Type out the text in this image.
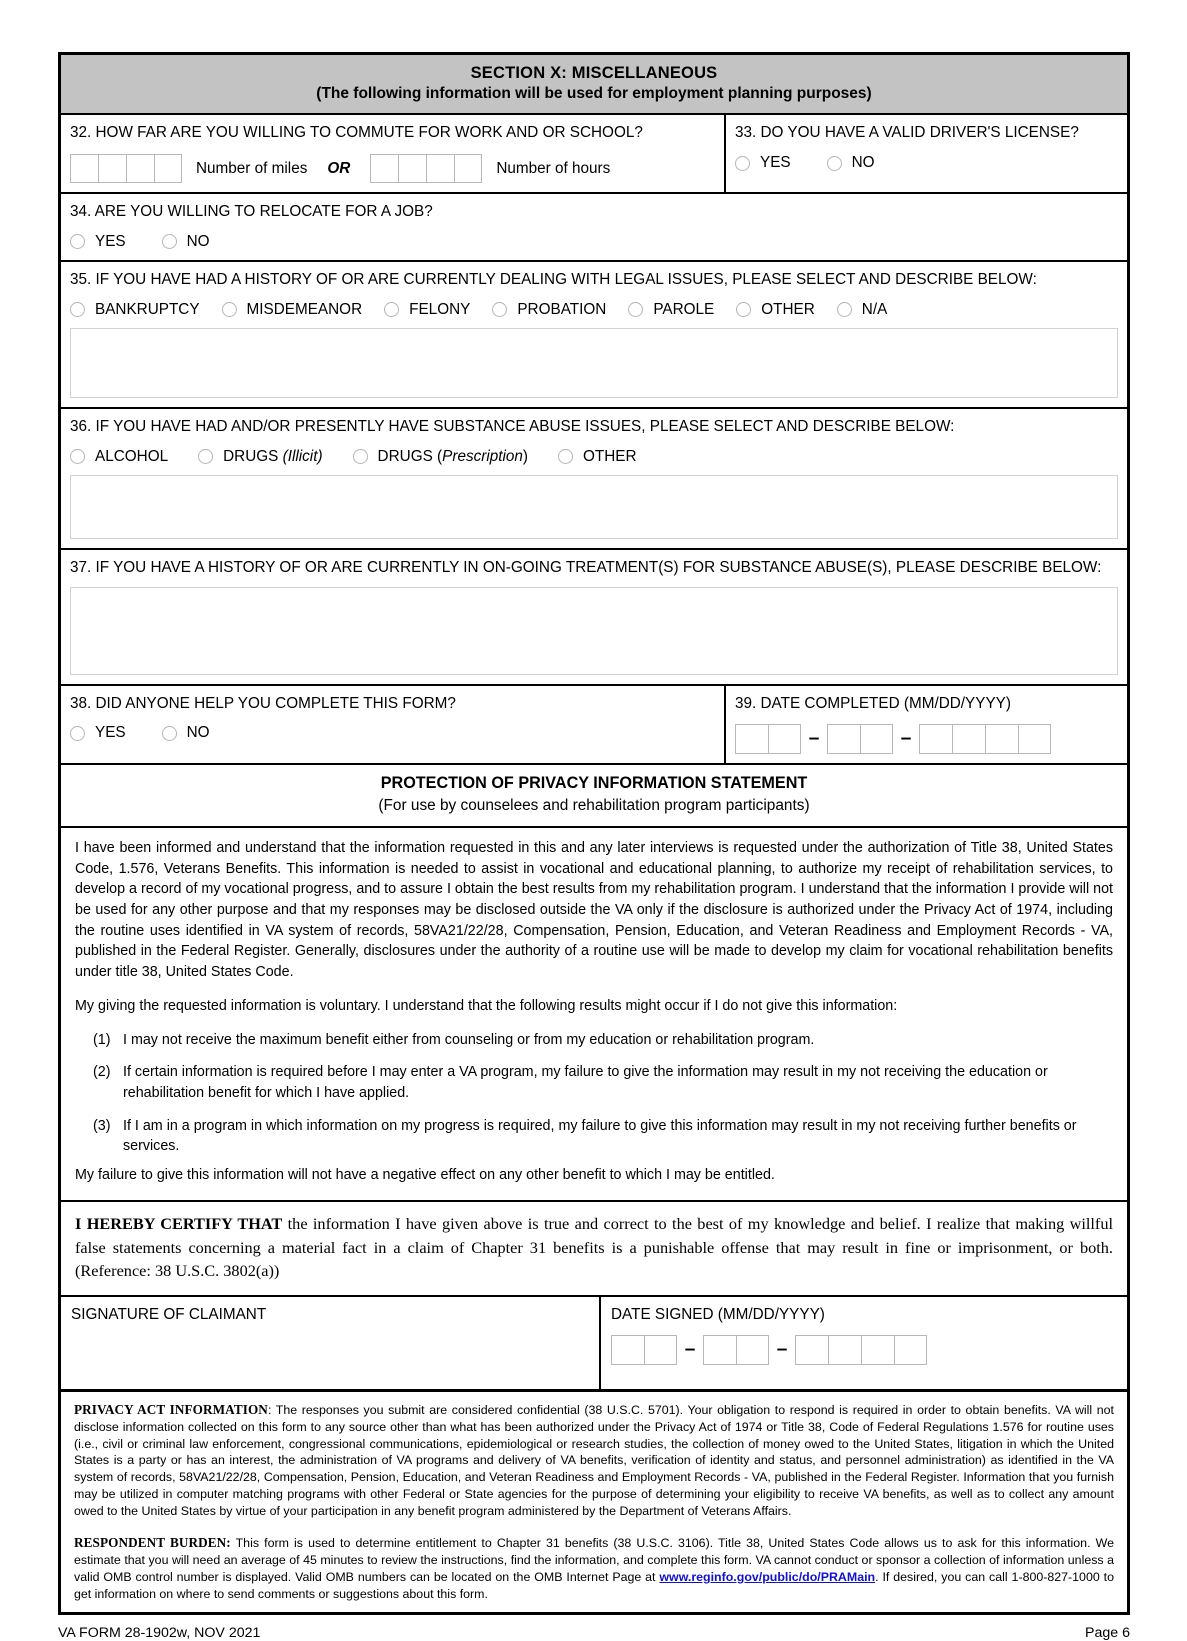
SECTION X: MISCELLANEOUS
(The following information will be used for employment planning purposes)
32. HOW FAR ARE YOU WILLING TO COMMUTE FOR WORK AND OR SCHOOL?
Number of miles OR	Number of hours
33. DO YOU HAVE A VALID DRIVER'S LICENSE?
YES	NO
34. ARE YOU WILLING TO RELOCATE FOR A JOB?
YES	NO
35. IF YOU HAVE HAD A HISTORY OF OR ARE CURRENTLY DEALING WITH LEGAL ISSUES, PLEASE SELECT AND DESCRIBE BELOW:
BANKRUPTCY	MISDEMEANOR	FELONY	PROBATION	PAROLE	OTHER	N/A
36. IF YOU HAVE HAD AND/OR PRESENTLY HAVE SUBSTANCE ABUSE ISSUES, PLEASE SELECT AND DESCRIBE BELOW:
ALCOHOL	DRUGS (Illicit)	DRUGS (Prescription)	OTHER
37. IF YOU HAVE A HISTORY OF OR ARE CURRENTLY IN ON-GOING TREATMENT(S) FOR SUBSTANCE ABUSE(S), PLEASE DESCRIBE BELOW:
38. DID ANYONE HELP YOU COMPLETE THIS FORM?
YES	NO
39. DATE COMPLETED (MM/DD/YYYY)
–	–
PROTECTION OF PRIVACY INFORMATION STATEMENT
(For use by counselees and rehabilitation program participants)

I have been informed and understand that the information requested in this and any later interviews is requested under the authorization of Title 38, United States Code, 1.576, Veterans Benefits. This information is needed to assist in vocational and educational planning, to authorize my receipt of rehabilitation services, to develop a record of my vocational progress, and to assure I obtain the best results from my rehabilitation program. I understand that the information I provide will not be used for any other purpose and that my responses may be disclosed outside the VA only if the disclosure is authorized under the Privacy Act of 1974, including the routine uses identified in VA system of records, 58VA21/22/28, Compensation, Pension, Education, and Veteran Readiness and Employment Records - VA, published in the Federal Register. Generally, disclosures under the authority of a routine use will be made to develop my claim for vocational rehabilitation benefits under title 38, United States Code.

My giving the requested information is voluntary. I understand that the following results might occur if I do not give this information:

(1) I may not receive the maximum benefit either from counseling or from my education or rehabilitation program.
(2) If certain information is required before I may enter a VA program, my failure to give the information may result in my not receiving the education or rehabilitation benefit for which I have applied.
(3) If I am in a program in which information on my progress is required, my failure to give this information may result in my not receiving further benefits or services.

My failure to give this information will not have a negative effect on any other benefit to which I may be entitled.

I HEREBY CERTIFY THAT the information I have given above is true and correct to the best of my knowledge and belief. I realize that making willful false statements concerning a material fact in a claim of Chapter 31 benefits is a punishable offense that may result in fine or imprisonment, or both. (Reference: 38 U.S.C. 3802(a))
SIGNATURE OF CLAIMANT	DATE SIGNED (MM/DD/YYYY)
–	–
PRIVACY ACT INFORMATION: The responses you submit are considered confidential (38 U.S.C. 5701). Your obligation to respond is required in order to obtain benefits. VA will not disclose information collected on this form to any source other than what has been authorized under the Privacy Act of 1974 or Title 38, Code of Federal Regulations 1.576 for routine uses (i.e., civil or criminal law enforcement, congressional communications, epidemiological or research studies, the collection of money owed to the United States, litigation in which the United States is a party or has an interest, the administration of VA programs and delivery of VA benefits, verification of identity and status, and personnel administration) as identified in the VA system of records, 58VA21/22/28, Compensation, Pension, Education, and Veteran Readiness and Employment Records - VA, published in the Federal Register. Information that you furnish may be utilized in computer matching programs with other Federal or State agencies for the purpose of determining your eligibility to receive VA benefits, as well as to collect any amount owed to the United States by virtue of your participation in any benefit program administered by the Department of Veterans Affairs.
RESPONDENT BURDEN: This form is used to determine entitlement to Chapter 31 benefits (38 U.S.C. 3106). Title 38, United States Code allows us to ask for this information. We estimate that you will need an average of 45 minutes to review the instructions, find the information, and complete this form. VA cannot conduct or sponsor a collection of information unless a valid OMB control number is displayed. Valid OMB numbers can be located on the OMB Internet Page at www.reginfo.gov/public/do/PRAMain. If desired, you can call 1-800-827-1000 to get information on where to send comments or suggestions about this form.
VA FORM 28-1902w, NOV 2021	Page 6
